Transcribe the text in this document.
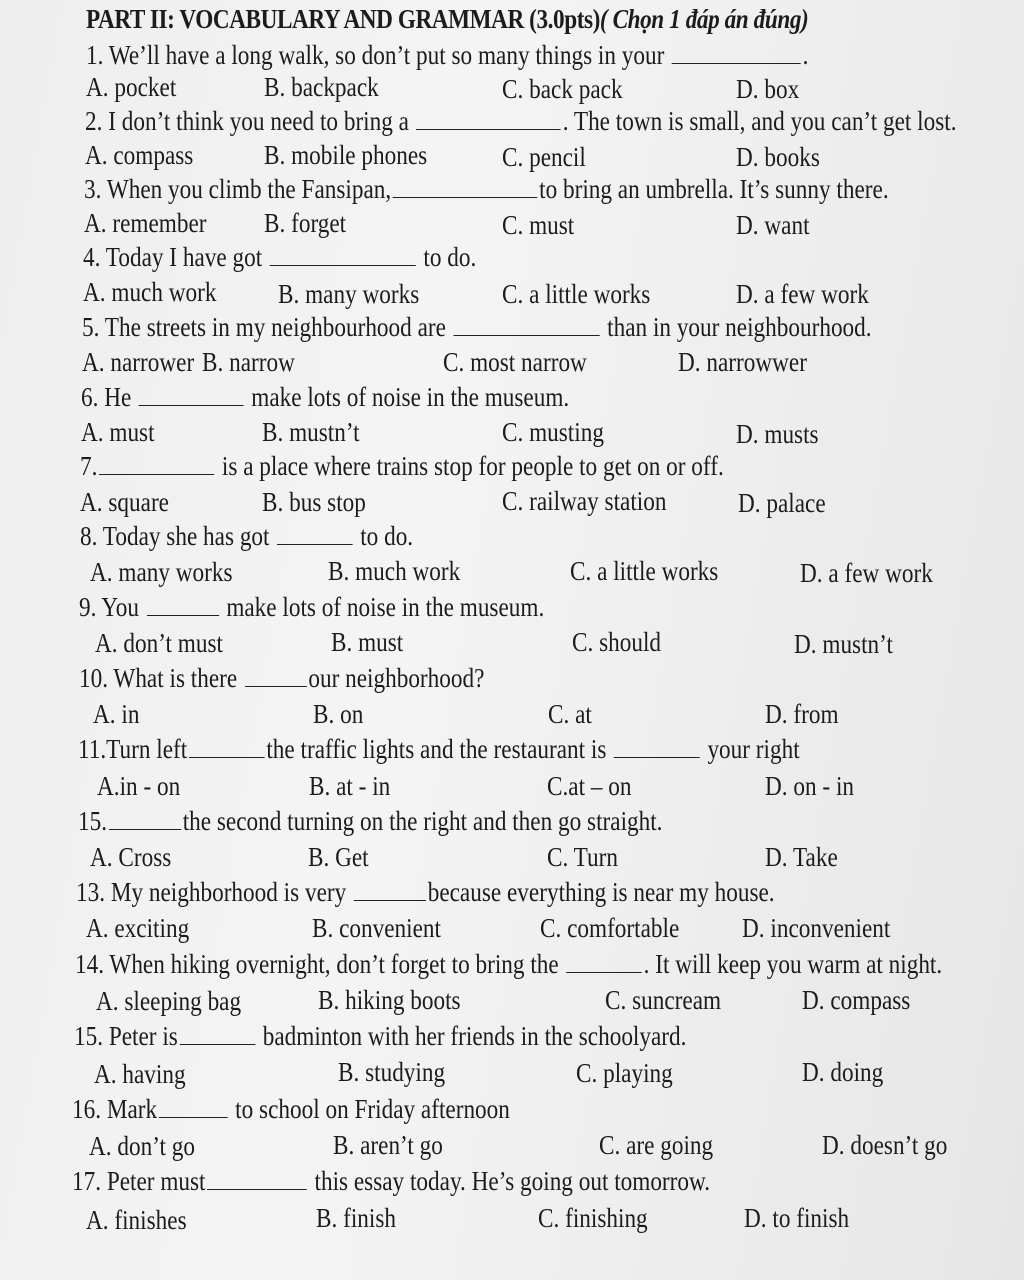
PART II: VOCABULARY AND GRAMMAR (3.0pts)( Chọn 1 đáp án đúng)
1. We’ll have a long walk, so don’t put so many things in your	.
A. pocket	B. backpack	C. back pack	D. box
2. I don’t think you need to bring a	. The town is small, and you can’t get lost.
A. compass	B. mobile phones	C. pencil	D. books
3. When you climb the Fansipan,	to bring an umbrella. It’s sunny there.
A. remember B. forget	C. must	D. want
4. Today I have got	to do.
A. much work B. many works	C. a little works	D. a few work
5. The streets in my neighbourhood are	than in your neighbourhood.
A. narrower B. narrow	C. most narrow	D. narrowwer
6. He	make lots of noise in the museum.
A. must	B. mustn’t	C. musting	D. musts
7.	is a place where trains stop for people to get on or off.
A. square	B. bus stop	C. railway station	D. palace
8. Today she has got	to do.
A. many works	B. much work	C. a little works	D. a few work
9. You	make lots of noise in the museum.
A. don’t must	B. must	C. should	D. mustn’t
10. What is there	our neighborhood?
A. in	B. on	C. at	D. from
11.Turn left	the traffic lights and the restaurant is	your right
A.in - on	B. at - in	C.at – on	D. on - in
15.	the second turning on the right and then go straight.
A. Cross	B. Get	C. Turn	D. Take
13. My neighborhood is very	because everything is near my house.
A. exciting	B. convenient	C. comfortable D. inconvenient
14. When hiking overnight, don’t forget to bring the	. It will keep you warm at night.
A. sleeping bag	B. hiking boots	C. suncream	D. compass
15. Peter is	badminton with her friends in the schoolyard.
A. having	B. studying	C. playing	D. doing
16. Mark	to school on Friday afternoon
A. don’t go	B. aren’t go	C. are going	D. doesn’t go
17. Peter must	this essay today. He’s going out tomorrow.
A. finishes	B. finish	C. finishing	D. to finish
